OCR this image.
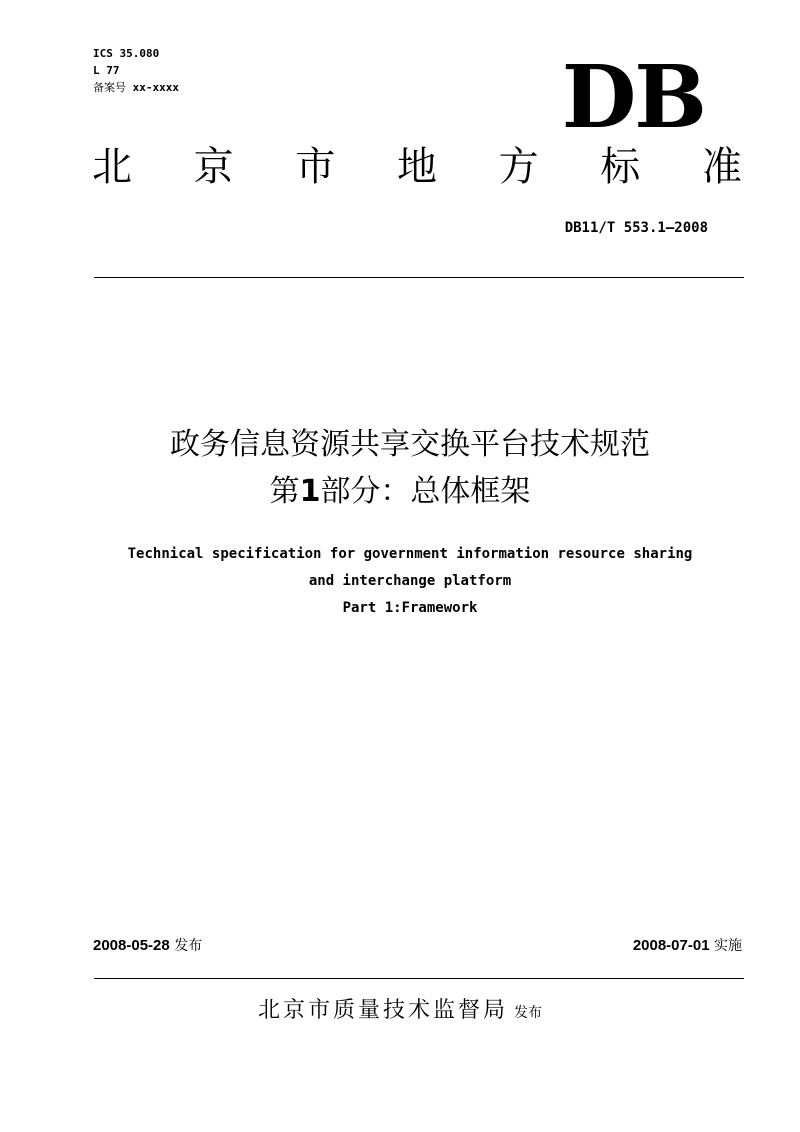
ICS 35.080
L 77
备案号 xx-xxxx	DB
北 京 市 地 方 标 准
DB11/T 553.1—2008
政务信息资源共享交换平台技术规范
第1部分：总体框架
Technical specification for government information resource sharing
and interchange platform
Part 1:Framework
2008-05-28 发布	2008-07-01 实施
北京市质量技术监督局 发布
